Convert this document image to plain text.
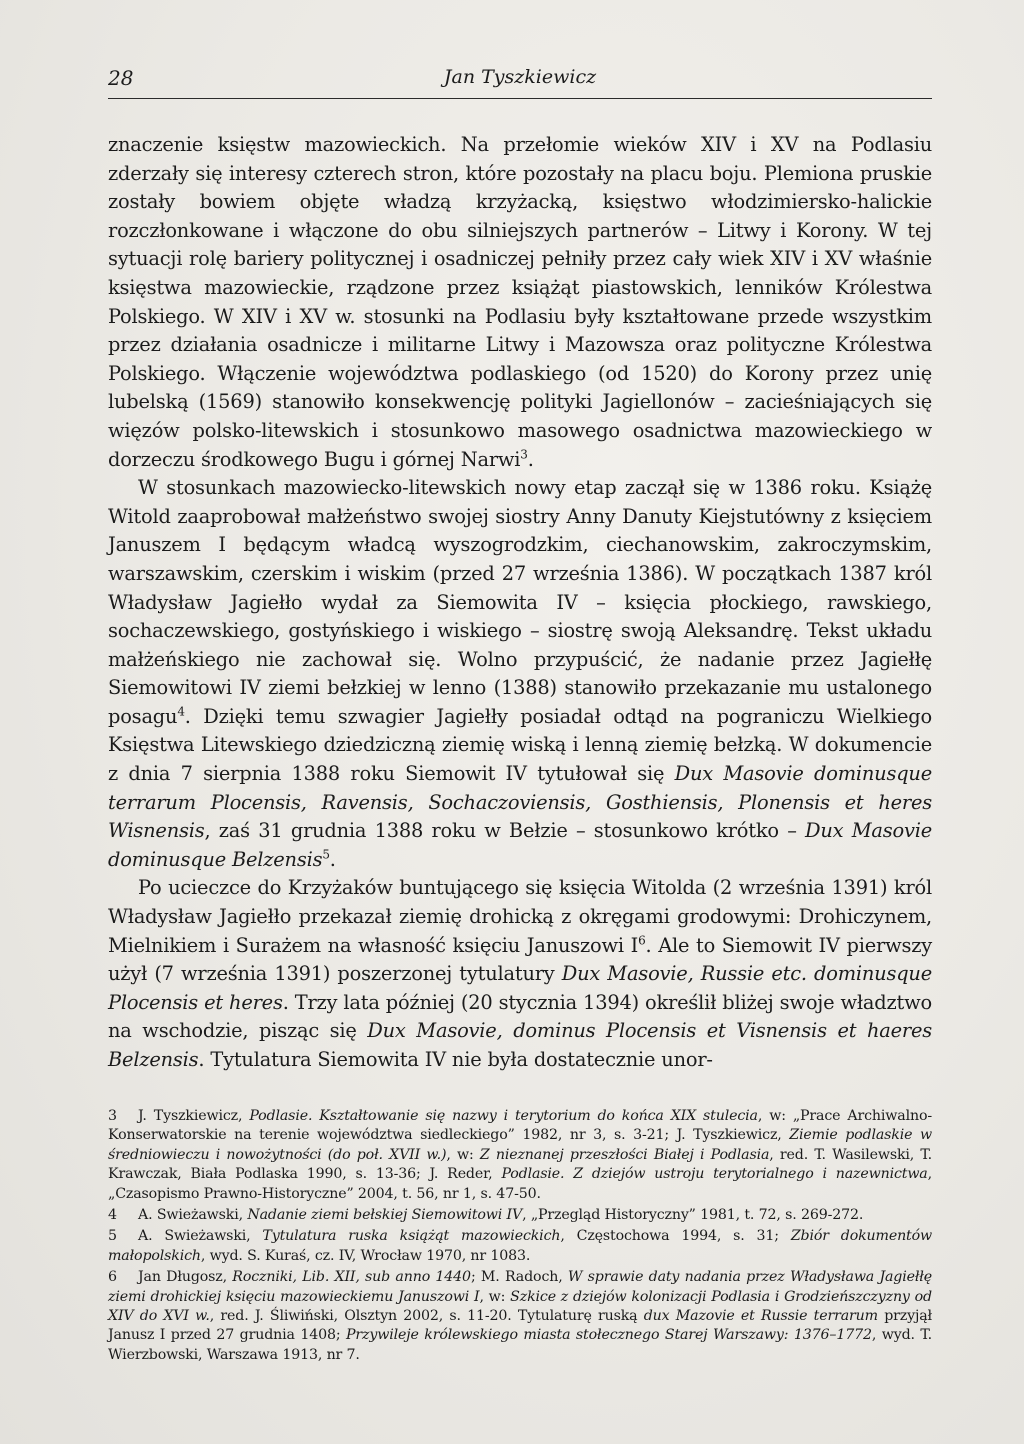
28	Jan Tyszkiewicz

znaczenie księstw mazowieckich. Na przełomie wieków XIV i XV na Podlasiu zderzały się interesy czterech stron, które pozostały na placu boju. Plemiona pruskie zostały bowiem objęte władzą krzyżacką, księstwo włodzimiersko-halickie rozczłonkowane i włączone do obu silniejszych partnerów – Litwy i Korony. W tej sytuacji rolę bariery politycznej i osadniczej pełniły przez cały wiek XIV i XV właśnie księstwa mazowieckie, rządzone przez książąt piastowskich, lenników Królestwa Polskiego. W XIV i XV w. stosunki na Podlasiu były kształtowane przede wszystkim przez działania osadnicze i militarne Litwy i Mazowsza oraz polityczne Królestwa Polskiego. Włączenie województwa podlaskiego (od 1520) do Korony przez unię lubelską (1569) stanowiło konsekwencję polityki Jagiellonów – zacieśniających się więzów polsko-litewskich i stosunkowo masowego osadnictwa mazowieckiego w dorzeczu środkowego Bugu i górnej Narwi$^3$.

W stosunkach mazowiecko-litewskich nowy etap zaczął się w 1386 roku. Książę Witold zaaprobował małżeństwo swojej siostry Anny Danuty Kiejstutówny z księciem Januszem I będącym władcą wyszogrodzkim, ciechanowskim, zakroczymskim, warszawskim, czerskim i wiskim (przed 27 września 1386). W początkach 1387 król Władysław Jagiełło wydał za Siemowita IV – księcia płockiego, rawskiego, sochaczewskiego, gostyńskiego i wiskiego – siostrę swoją Aleksandrę. Tekst układu małżeńskiego nie zachował się. Wolno przypuścić, że nadanie przez Jagiełłę Siemowitowi IV ziemi bełzkiej w lenno (1388) stanowiło przekazanie mu ustalonego posagu$^4$. Dzięki temu szwagier Jagiełły posiadał odtąd na pograniczu Wielkiego Księstwa Litewskiego dziedziczną ziemię wiską i lenną ziemię bełzką. W dokumencie z dnia 7 sierpnia 1388 roku Siemowit IV tytułował się Dux Masovie dominusque terrarum Plocensis, Ravensis, Sochaczoviensis, Gosthiensis, Plonensis et heres Wisnensis, zaś 31 grudnia 1388 roku w Bełzie – stosunkowo krótko – Dux Masovie dominusque Belzensis$^5$.

Po ucieczce do Krzyżaków buntującego się księcia Witolda (2 września 1391) król Władysław Jagiełło przekazał ziemię drohicką z okręgami grodowymi: Drohiczynem, Mielnikiem i Surażem na własność księciu Januszowi $I^6$. Ale to Siemowit IV pierwszy użył (7 września 1391) poszerzonej tytulatury Dux Masovie, Russie etc. dominusque Plocensis et heres. Trzy lata później (20 stycznia 1394) określił bliżej swoje władztwo na wschodzie, pisząc się Dux Masovie, dominus Plocensis et Visnensis et haeres Belzensis. Tytulatura Siemowita IV nie była dostatecznie unor-

3 J. Tyszkiewicz, Podlasie. Kształtowanie się nazwy i terytorium do końca XIX stulecia, w: „Prace Archiwalno-Konserwatorskie na terenie województwa siedleckiego” 1982, nr 3, s. 3-21; J. Tyszkiewicz, Ziemie podlaskie w średniowieczu i nowożytności (do poł. XVII w.), w: Z nieznanej przeszłości Białej i Podlasia, red. T. Wasilewski, T. Krawczak, Biała Podlaska 1990, s. 13-36; J. Reder, Podlasie. Z dziejów ustroju terytorialnego i nazewnictwa, „Czasopismo Prawno-Historyczne” 2004, t. 56, nr 1, s. 47-50.

4 A. Swieżawski, Nadanie ziemi bełskiej Siemowitowi IV, „Przegląd Historyczny” 1981, t. 72, s. 269-272.

5 A. Swieżawski, Tytulatura ruska książąt mazowieckich, Częstochowa 1994, s. 31; Zbiór dokumentów małopolskich, wyd. S. Kuraś, cz. IV, Wrocław 1970, nr 1083.

6 Jan Długosz, Roczniki, Lib. XII, sub anno 1440; M. Radoch, W sprawie daty nadania przez Władysława Jagiełłę ziemi drohickiej księciu mazowieckiemu Januszowi I, w: Szkice z dziejów kolonizacji Podlasia i Grodzieńszczyzny od XIV do XVI w., red. J. Śliwiński, Olsztyn 2002, s. 11-20. Tytulaturę ruską dux Mazovie et Russie terrarum przyjął Janusz I przed 27 grudnia 1408; Przywileje królewskiego miasta stołecznego Starej Warszawy: 1376–1772, wyd. T. Wierzbowski, Warszawa 1913, nr 7.
